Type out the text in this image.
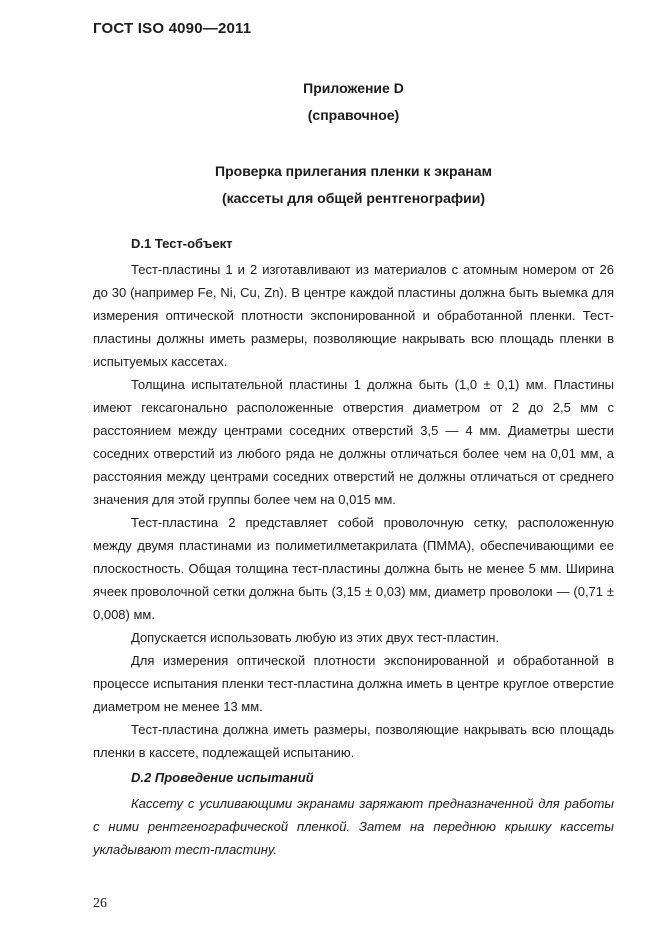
ГОСТ ISO 4090—2011
Приложение D
(справочное)
Проверка прилегания пленки к экранам
(кассеты для общей рентгенографии)
D.1 Тест-объект

Тест-пластины 1 и 2 изготавливают из материалов с атомным номером от 26 до 30 (например Fe, Ni, Cu, Zn). В центре каждой пластины должна быть выемка для измерения оптической плотности экспонированной и обработанной пленки. Тест-пластины должны иметь размеры, позволяющие накрывать всю площадь пленки в испытуемых кассетах.

Толщина испытательной пластины 1 должна быть (1,0 ± 0,1) мм. Пластины имеют гексагонально расположенные отверстия диаметром от 2 до 2,5 мм с расстоянием между центрами соседних отверстий 3,5 — 4 мм. Диаметры шести соседних отверстий из любого ряда не должны отличаться более чем на 0,01 мм, а расстояния между центрами соседних отверстий не должны отличаться от среднего значения для этой группы более чем на 0,015 мм.

Тест-пластина 2 представляет собой проволочную сетку, расположенную между двумя пластинами из полиметилметакрилата (ПММА), обеспечивающими ее плоскостность. Общая толщина тест-пластины должна быть не менее 5 мм. Ширина ячеек проволочной сетки должна быть (3,15 ± 0,03) мм, диаметр проволоки — (0,71 ± 0,008) мм.

Допускается использовать любую из этих двух тест-пластин.

Для измерения оптической плотности экспонированной и обработанной в процессе испытания пленки тест-пластина должна иметь в центре круглое отверстие диаметром не менее 13 мм.

Тест-пластина должна иметь размеры, позволяющие накрывать всю площадь пленки в кассете, подлежащей испытанию.

D.2 Проведение испытаний

Кассету с усиливающими экранами заряжают предназначенной для работы с ними рентгенографической пленкой. Затем на переднюю крышку кассеты укладывают тест-пластину.

26
